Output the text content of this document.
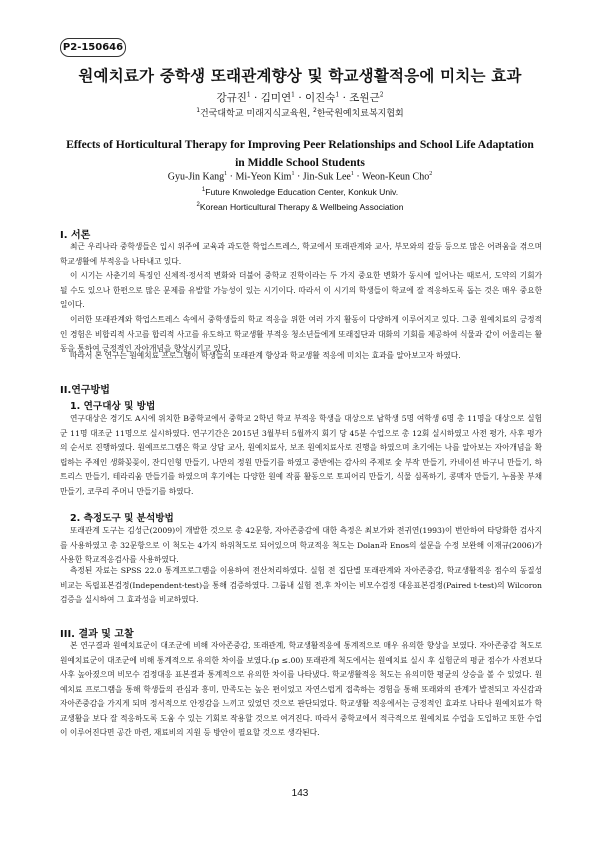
P2-150646
원예치료가 중학생 또래관계향상 및 학교생활적응에 미치는 효과
강규진$^1$ · 김미연$^1$ · 이진숙$^1$ · 조원근$^2$
$^1$건국대학교 미래지식교육원, $^2$한국원예치료복지협회
Effects of Horticultural Therapy for Improving Peer Relationships and School Life Adaptation in Middle School Students
Gyu-Jin Kang$^1$ · Mi-Yeon Kim$^1$ · Jin-Suk Lee$^1$ · Weon-Keun Cho$^2$
$^1$Future Knwoledge Education Center, Konkuk Univ.
$^2$Korean Horticultural Therapy & Wellbeing Association
I. 서론
최근 우리나라 중학생들은 입시 위주에 교육과 과도한 학업스트레스, 학교에서 또래관계와 교사, 부모와의 갈등 등으로 많은 어려움을 겪으며 학교생활에 부적응을 나타내고 있다.
이 시기는 사춘기의 특징인 신체적·정서적 변화와 더불어 중학교 진학이라는 두 가지 중요한 변화가 동시에 일어나는 때로서, 도약의 기회가 될 수도 있으나 한편으로 많은 문제를 유발할 가능성이 있는 시기이다. 따라서 이 시기의 학생들이 학교에 잘 적응하도록 돕는 것은 매우 중요한 일이다.
이러한 또래관계와 학업스트레스 속에서 중학생들의 학교 적응을 위한 여러 가지 활동이 다양하게 이루어지고 있다. 그중 원예치료의 긍정적인 경험은 비합리적 사고를 합리적 사고를 유도하고 학교생활 부적응 청소년들에게 또래집단과 대화의 기회를 제공하여 식물과 같이 어울리는 활동을 통하여 긍정적인 자아개념을 향상시키고 있다.
따라서 본 연구는 원예치료 프로그램이 학생들의 또래관계 향상과 학교생활 적응에 미치는 효과를 알아보고자 하였다.
II.연구방법
1. 연구대상 및 방법
연구대상은 경기도 A시에 위치한 B중학교에서 중학교 2학년 학교 부적응 학생을 대상으로 남학생 5명 여학생 6명 총 11명을 대상으로 실험군 11명 대조군 11명으로 실시하였다. 연구기간은 2015년 3월부터 5월까지 회기 당 45분 수업으로 총 12회 실시하였고 사전 평가, 사후 평가의 순서로 진행하였다. 원예프로그램은 학교 상담 교사, 원예치료사, 보조 원예치료사로 진행을 하였으며 초기에는 나를 알아보는 자아개념을 확립하는 주제인 생화꽂꽂이, 잔디인형 만들기, 나만의 정원 만들기를 하였고 중반에는 감사의 주제로 숯 부작 만들기, 카네이션 바구니 만들기, 하트리스 만들기, 테라리움 만들기를 하였으며 후기에는 다양한 원예 작품 활동으로 토피어리 만들기, 식물 심폭하기, 콩맥자 만들기, 누름꽃 부채 만들기, 코쿠리 주머니 만들기를 하였다.
2. 측정도구 및 분석방법
또래관계 도구는 김성근(2009)이 개발한 것으로 총 42문항, 자아존중감에 대한 측정은 최보가와 전귀연(1993)이 번안하여 타당화한 검사지를 사용하였고 총 32문항으로 이 척도는 4가지 하위척도로 되어있으며 학교적응 척도는 Dolan과 Enos의 설문을 수정 보완해 이재규(2006)가 사용한 학교적응검사를 사용하였다.
측정된 자료는 SPSS 22.0 통계프로그램을 이용하여 전산처리하였다. 실험 전 집단별 또래관계와 자아존중감, 학교생활적응 점수의 동질성 비교는 독립표본검정(Independent-test)을 통해 검증하였다. 그룹내 실험 전,후 차이는 비모수검정 대응표본검정(Paired t-test)의 Wilcoron검증을 실시하여 그 효과성을 비교하였다.
III. 결과 및 고찰
본 연구결과 원예치료군이 대조군에 비해 자아존중감, 또래관계, 학교생활적응에 통계적으로 매우 유의한 향상을 보였다. 자아존중감 척도로 원예치료군이 대조군에 비해 통계적으로 유의한 차이를 보였다.(p ≤.00) 또래관계 척도에서는 원예치료 실시 후 실험군의 평균 점수가 사전보다 사후 높아졌으며 비모수 검정대응 표본결과 통계적으로 유의한 차이를 나타냈다. 학교생활적응 척도는 유의미한 평균의 상승을 볼 수 있었다. 원예치료 프로그램을 통해 학생들의 관심과 흥미, 만족도는 높은 편이었고 자연스럽게 접촉하는 경험을 통해 또래와의 관계가 발전되고 자신감과 자아존중감을 가지게 되며 정서적으로 안정감을 느끼고 있었던 것으로 판단되었다. 학교생활 적응에서는 긍정적인 효과로 나타나 원예치료가 학교생활을 보다 잘 적응하도록 도움 수 있는 기회로 작용할 것으로 여겨진다. 따라서 중학교에서 적극적으로 원예치료 수업을 도입하고 또한 수업이 이루어진다면 공간 마련, 재료비의 지원 등 방안이 필요할 것으로 생각된다.
143
